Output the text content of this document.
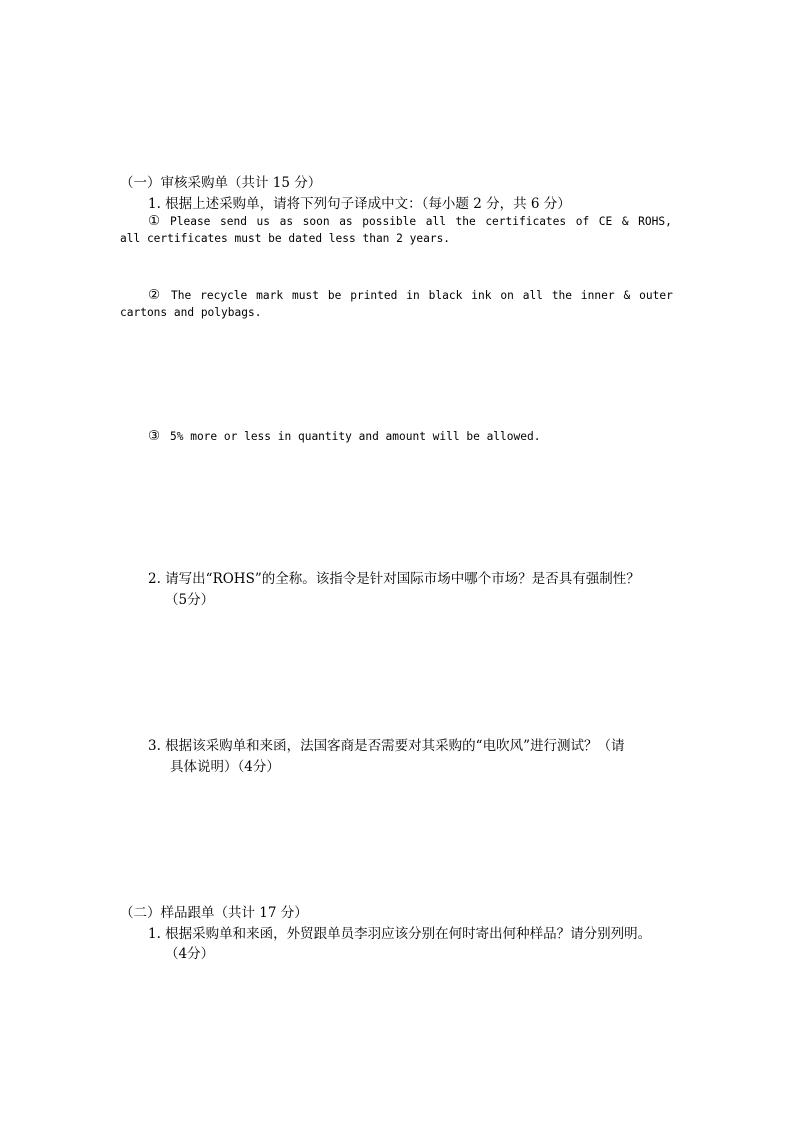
（一）审核采购单（共计 15 分）
1. 根据上述采购单，请将下列句子译成中文：（每小题 2 分，共 6 分）
① Please send us as soon as possible all the certificates of CE & ROHS,
all certificates must be dated less than 2 years.
② The recycle mark must be printed in black ink on all the inner & outer
cartons and polybags.
③ 5% more or less in quantity and amount will be allowed.
2. 请写出“ROHS”的全称。该指令是针对国际市场中哪个市场？是否具有强制性？
（5分）
3. 根据该采购单和来函，法国客商是否需要对其采购的“电吹风”进行测试？（请
具体说明）（4分）
（二）样品跟单（共计 17 分）
1. 根据采购单和来函，外贸跟单员李羽应该分别在何时寄出何种样品？请分别列明。
（4分）
